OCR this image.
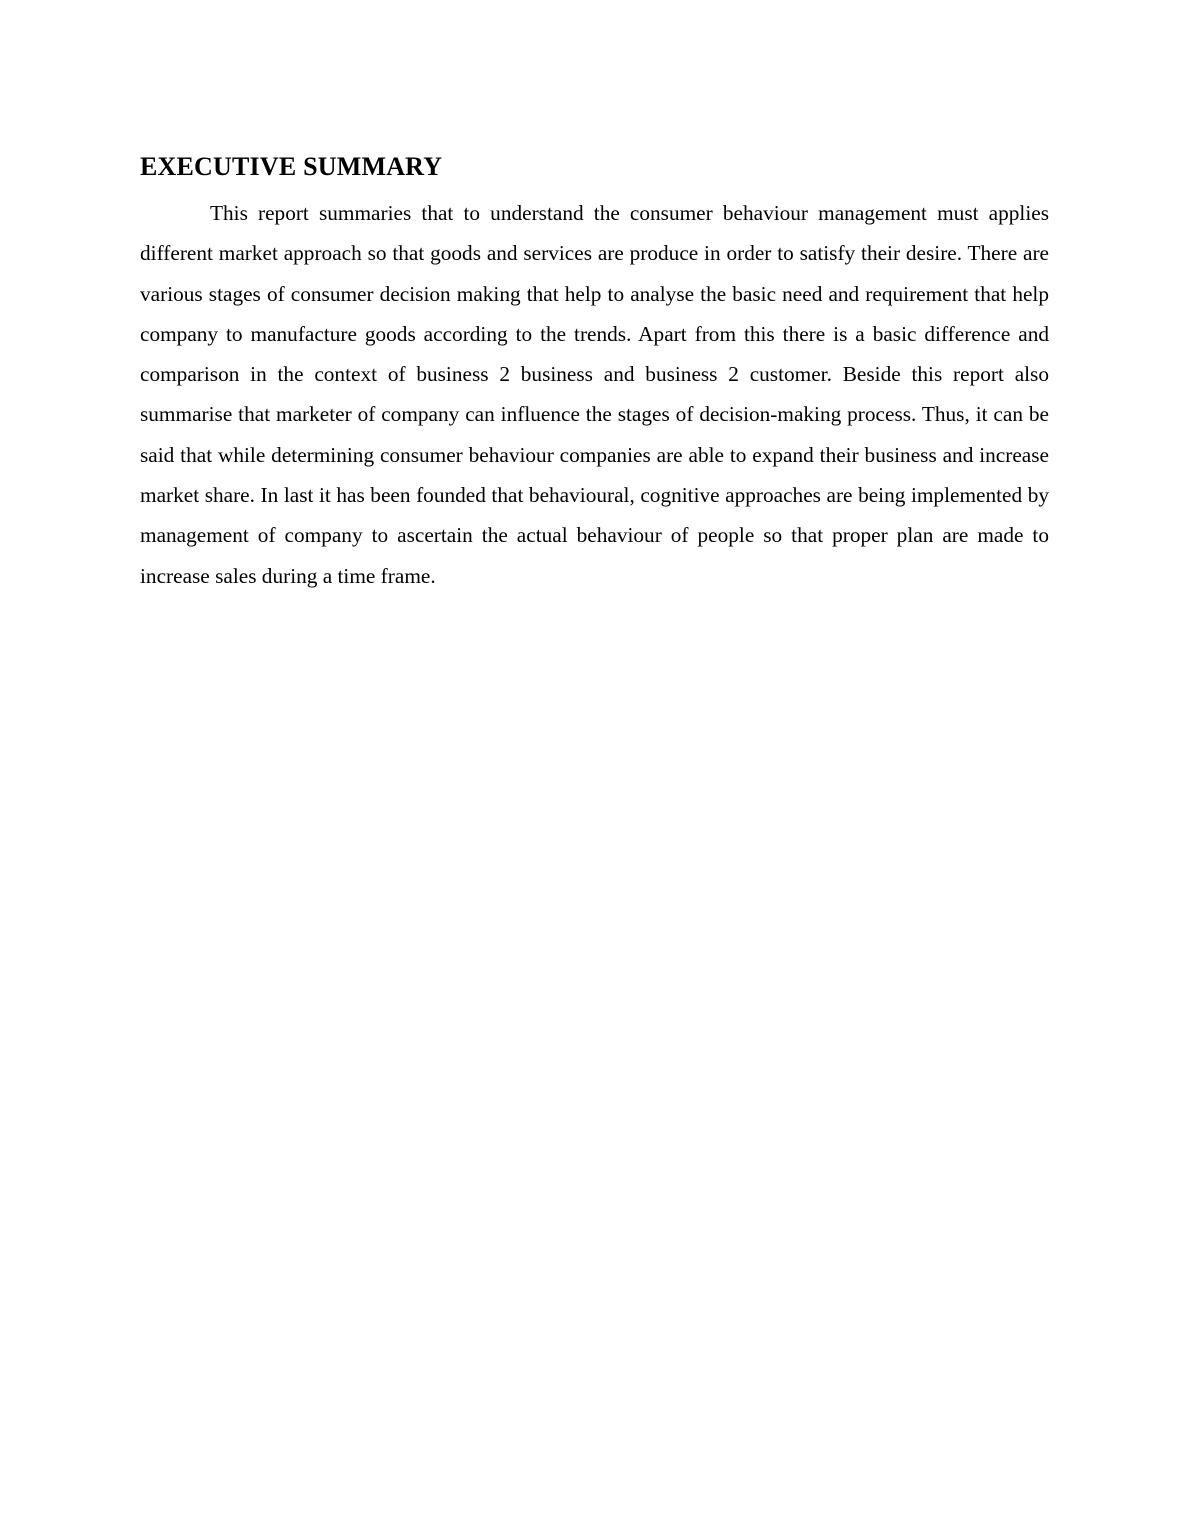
EXECUTIVE SUMMARY

This report summaries that to understand the consumer behaviour management must applies different market approach so that goods and services are produce in order to satisfy their desire. There are various stages of consumer decision making that help to analyse the basic need and requirement that help company to manufacture goods according to the trends. Apart from this there is a basic difference and comparison in the context of business 2 business and business 2 customer. Beside this report also summarise that marketer of company can influence the stages of decision-making process. Thus, it can be said that while determining consumer behaviour companies are able to expand their business and increase market share. In last it has been founded that behavioural, cognitive approaches are being implemented by management of company to ascertain the actual behaviour of people so that proper plan are made to increase sales during a time frame.
